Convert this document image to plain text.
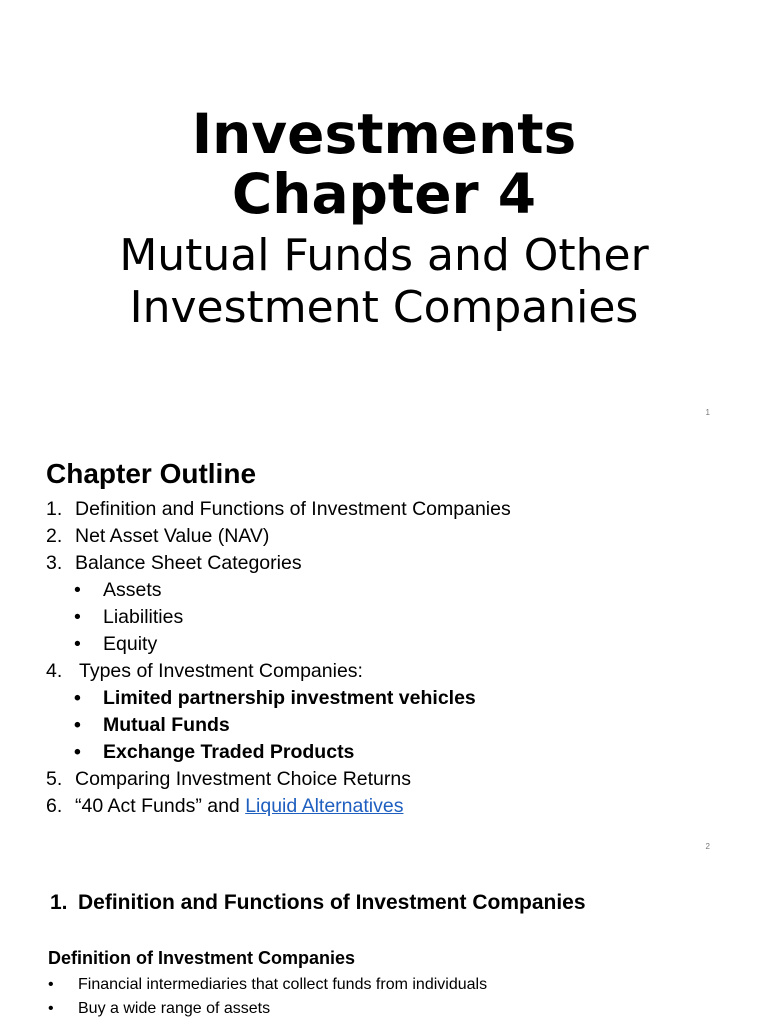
Investments
Chapter 4
Mutual Funds and Other
Investment Companies
1
Chapter Outline
1. Definition and Functions of Investment Companies
2. Net Asset Value (NAV)
3. Balance Sheet Categories
•	Assets
•	Liabilities
•	Equity
4. Types of Investment Companies:
•	Limited partnership investment vehicles
•	Mutual Funds
•	Exchange Traded Products
5. Comparing Investment Choice Returns
6. “40 Act Funds” and Liquid Alternatives
2
1. Definition and Functions of Investment Companies
Definition of Investment Companies
•	Financial intermediaries that collect funds from individuals
•	Buy a wide range of assets
